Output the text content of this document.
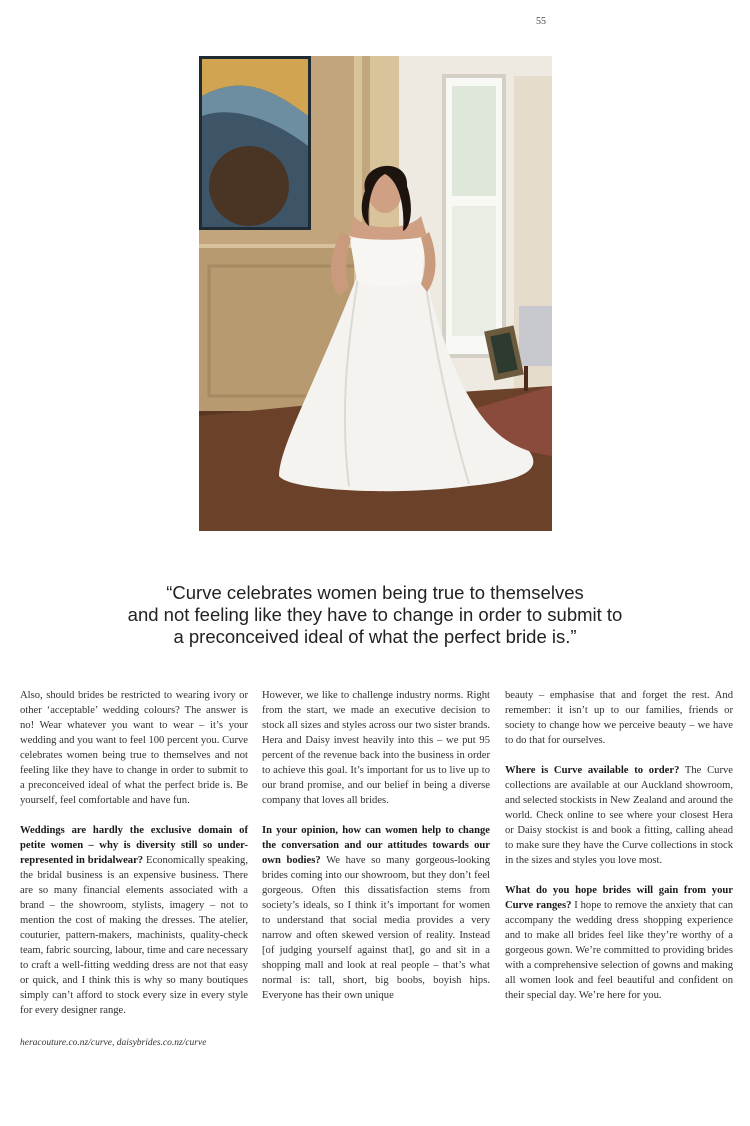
55
“Curve celebrates women being true to themselves
and not feeling like they have to change in order to submit to
a preconceived ideal of what the perfect bride is.”

Also, should brides be restricted to wearing ivory or other ‘acceptable’ wedding colours? The answer is no! Wear whatever you want to wear – it’s your wedding and you want to feel 100 percent you. Curve celebrates women being true to themselves and not feeling like they have to change in order to submit to a preconceived ideal of what the perfect bride is. Be yourself, feel comfortable and have fun.

Weddings are hardly the exclusive domain of petite women – why is diversity still so under-represented in bridalwear? Economically speaking, the bridal business is an expensive business. There are so many financial elements associated with a brand – the showroom, stylists, imagery – not to mention the cost of making the dresses. The atelier, couturier, pattern-makers, machinists, quality-check team, fabric sourcing, labour, time and care necessary to craft a well-fitting wedding dress are not that easy or quick, and I think this is why so many boutiques simply can’t afford to stock every size in every style for every designer range.

However, we like to challenge industry norms. Right from the start, we made an executive decision to stock all sizes and styles across our two sister brands. Hera and Daisy invest heavily into this – we put 95 percent of the revenue back into the business in order to achieve this goal. It’s important for us to live up to our brand promise, and our belief in being a diverse company that loves all brides.

In your opinion, how can women help to change the conversation and our attitudes towards our own bodies? We have so many gorgeous-looking brides coming into our showroom, but they don’t feel gorgeous. Often this dissatisfaction stems from society’s ideals, so I think it’s important for women to understand that social media provides a very narrow and often skewed version of reality. Instead [of judging yourself against that], go and sit in a shopping mall and look at real people – that’s what normal is: tall, short, big boobs, boyish hips. Everyone has their own unique

beauty – emphasise that and forget the rest. And remember: it isn’t up to our families, friends or society to change how we perceive beauty – we have to do that for ourselves.

Where is Curve available to order? The Curve collections are available at our Auckland showroom, and selected stockists in New Zealand and around the world. Check online to see where your closest Hera or Daisy stockist is and book a fitting, calling ahead to make sure they have the Curve collections in stock in the sizes and styles you love most.

What do you hope brides will gain from your Curve ranges? I hope to remove the anxiety that can accompany the wedding dress shopping experience and to make all brides feel like they’re worthy of a gorgeous gown. We’re committed to providing brides with a comprehensive selection of gowns and making all women look and feel beautiful and confident on their special day. We’re here for you.

heracouture.co.nz/curve, daisybrides.co.nz/curve
